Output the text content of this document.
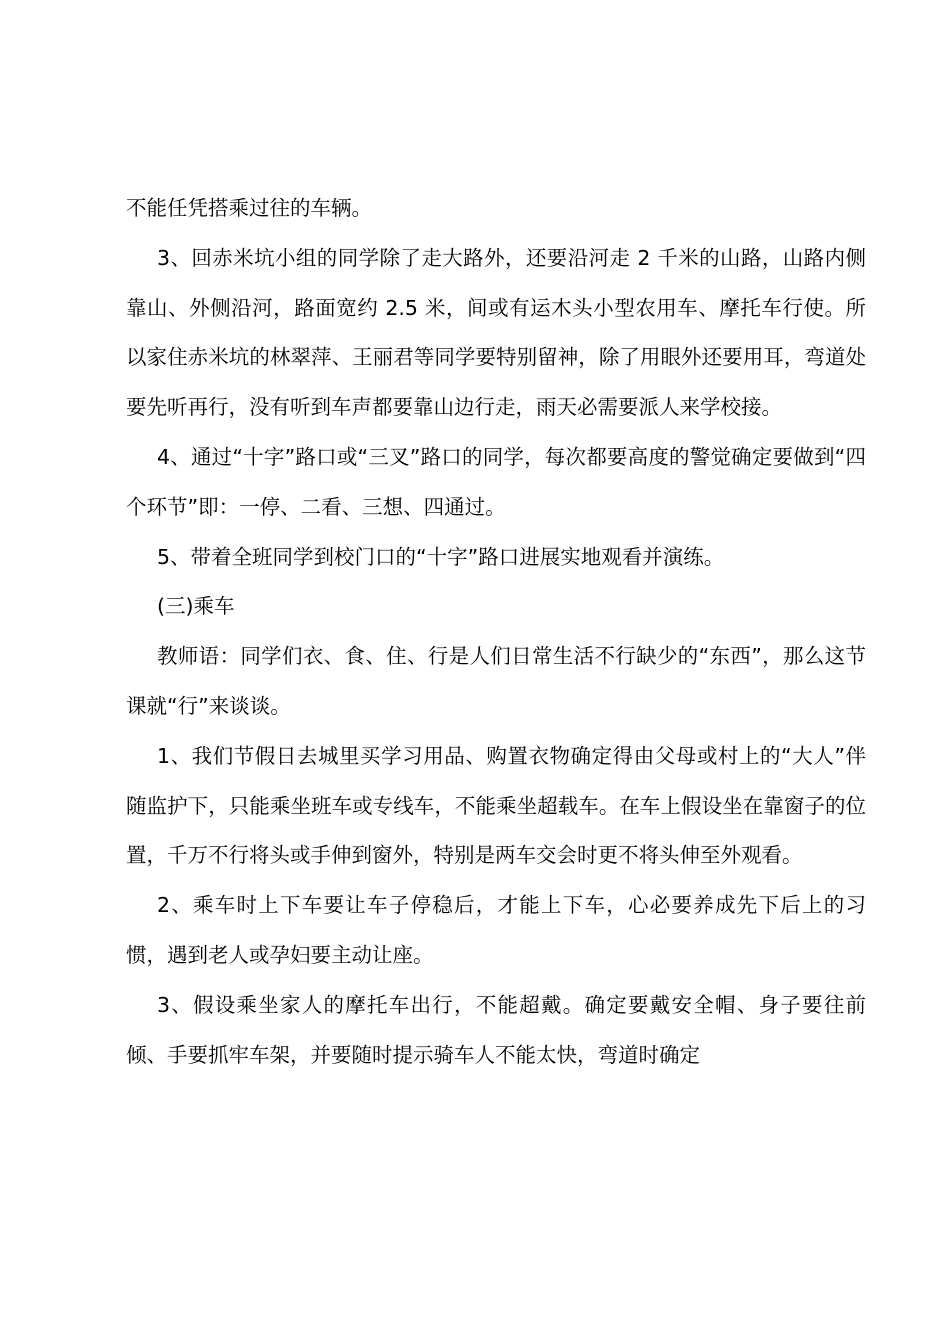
不能任凭搭乘过往的车辆。

3、回赤米坑小组的同学除了走大路外，还要沿河走 2 千米的山路，山路内侧靠山、外侧沿河，路面宽约 2.5 米，间或有运木头小型农用车、摩托车行使。所以家住赤米坑的林翠萍、王丽君等同学要特别留神，除了用眼外还要用耳，弯道处要先听再行，没有听到车声都要靠山边行走，雨天必需要派人来学校接。

4、通过“十字”路口或“三叉”路口的同学，每次都要高度的警觉确定要做到“四个环节”即：一停、二看、三想、四通过。

5、带着全班同学到校门口的“十字”路口进展实地观看并演练。

(三)乘车

教师语：同学们衣、食、住、行是人们日常生活不行缺少的“东西”，那么这节课就“行”来谈谈。

1、我们节假日去城里买学习用品、购置衣物确定得由父母或村上的“大人”伴随监护下，只能乘坐班车或专线车，不能乘坐超载车。在车上假设坐在靠窗子的位置，千万不行将头或手伸到窗外，特别是两车交会时更不将头伸至外观看。

2、乘车时上下车要让车子停稳后，才能上下车，心必要养成先下后上的习惯，遇到老人或孕妇要主动让座。

3、假设乘坐家人的摩托车出行，不能超戴。确定要戴安全帽、身子要往前倾、手要抓牢车架，并要随时提示骑车人不能太快，弯道时确定
